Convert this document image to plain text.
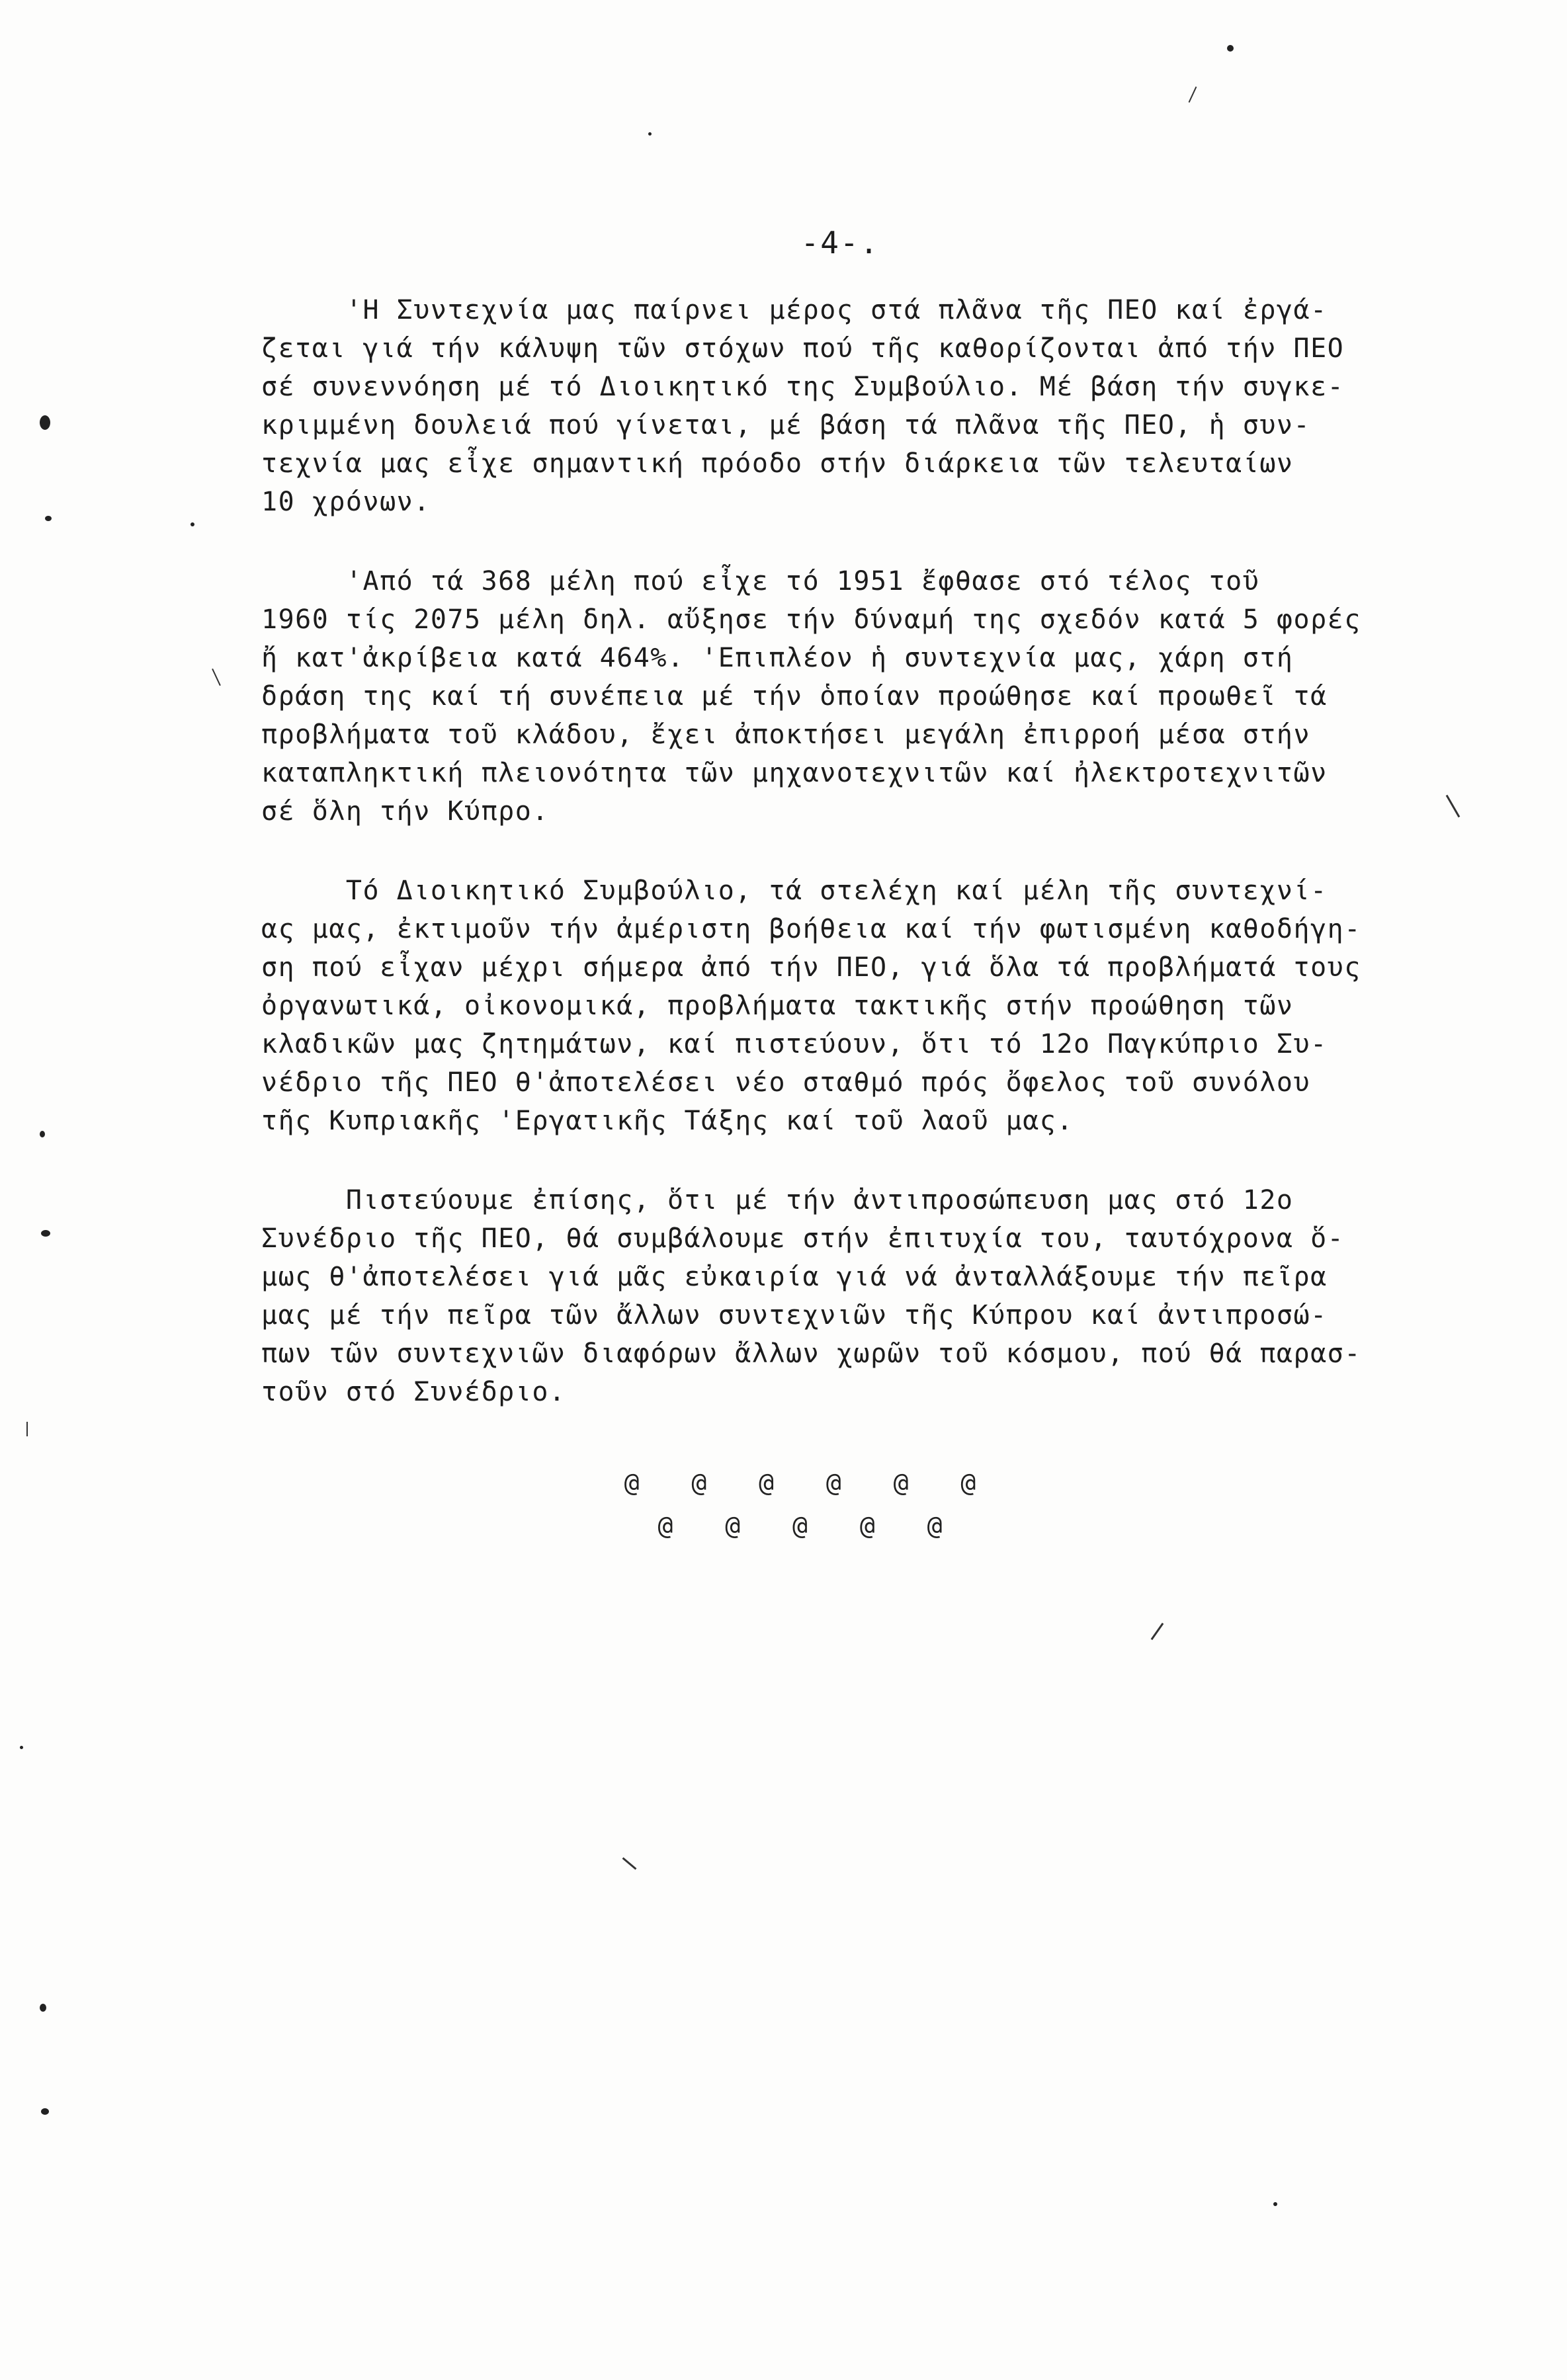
-4-.
'Η Συντεχνία μας παίρνει μέρος στά πλᾶνα τῆς ΠΕΟ καί ἐργά-
ζεται γιά τήν κάλυψη τῶν στόχων πού τῆς καθορίζονται ἀπό τήν ΠΕΟ
σέ συνεννόηση μέ τό Διοικητικό της Συμβούλιο. Μέ βάση τήν συγκε-
κριμμένη δουλειά πού γίνεται, μέ βάση τά πλᾶνα τῆς ΠΕΟ, ἡ συν-
τεχνία μας εἶχε σημαντική πρόοδο στήν διάρκεια τῶν τελευταίων
10 χρόνων.
'Από τά 368 μέλη πού εἶχε τό 1951 ἔφθασε στό τέλος τοῦ
1960 τίς 2075 μέλη δηλ. αὔξησε τήν δύναμή της σχεδόν κατά 5 φορές
ἤ κατ'ἀκρίβεια κατά 464%. 'Επιπλέον ἡ συντεχνία μας, χάρη στή
δράση της καί τή συνέπεια μέ τήν ὁποίαν προώθησε καί προωθεῖ τά
προβλήματα τοῦ κλάδου, ἔχει ἀποκτήσει μεγάλη ἐπιρροή μέσα στήν
καταπληκτική πλειονότητα τῶν μηχανοτεχνιτῶν καί ἠλεκτροτεχνιτῶν
σέ ὅλη τήν Κύπρο.
Τό Διοικητικό Συμβούλιο, τά στελέχη καί μέλη τῆς συντεχνί-
ας μας, ἐκτιμοῦν τήν ἀμέριστη βοήθεια καί τήν φωτισμένη καθοδήγη-
ση πού εἶχαν μέχρι σήμερα ἀπό τήν ΠΕΟ, γιά ὅλα τά προβλήματά τους
ὀργανωτικά, οἰκονομικά, προβλήματα τακτικῆς στήν προώθηση τῶν
κλαδικῶν μας ζητημάτων, καί πιστεύουν, ὅτι τό 12ο Παγκύπριο Συ-
νέδριο τῆς ΠΕΟ θ'ἀποτελέσει νέο σταθμό πρός ὄφελος τοῦ συνόλου
τῆς Κυπριακῆς 'Εργατικῆς Τάξης καί τοῦ λαοῦ μας.
Πιστεύουμε ἐπίσης, ὅτι μέ τήν ἀντιπροσώπευση μας στό 12ο
Συνέδριο τῆς ΠΕΟ, θά συμβάλουμε στήν ἐπιτυχία του, ταυτόχρονα ὅ-
μως θ'ἀποτελέσει γιά μᾶς εὐκαιρία γιά νά ἀνταλλάξουμε τήν πεῖρα
μας μέ τήν πεῖρα τῶν ἄλλων συντεχνιῶν τῆς Κύπρου καί ἀντιπροσώ-
πων τῶν συντεχνιῶν διαφόρων ἄλλων χωρῶν τοῦ κόσμου, πού θά παρασ-
τοῦν στό Συνέδριο.
@ @ @ @ @ @
@ @ @ @ @
